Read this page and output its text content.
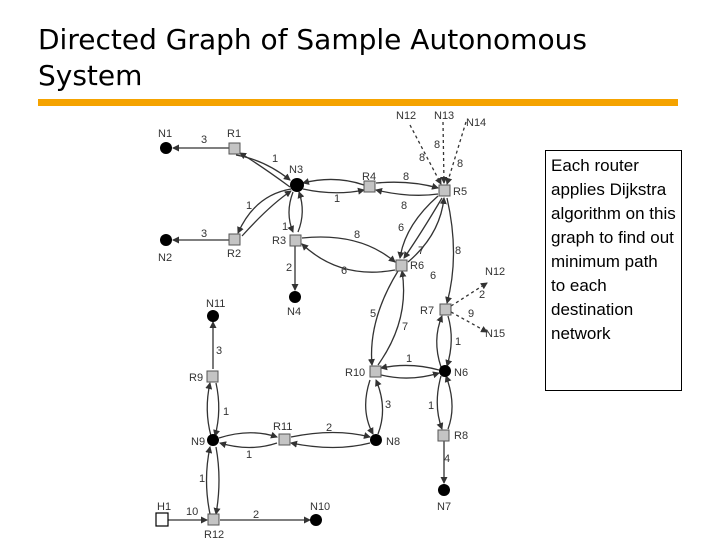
Directed Graph of Sample Autonomous System
N1	R1
N3
R4
R5
N12 N13
N14
N2	R2
R3
R6
N4
N12
R7
N15
N11
R9	R10	N6
N9
R11
N8	R8
N7
H1
R12
N10
3
1
1
3
1
2
1
8
8
8
8
8
8
6
6
7	8
6
2
9
5
7
1
1
3
1
3	1
2
1	4
1
10	2
Each router applies Dijkstra algorithm on this graph to find out minimum path to each destination network
